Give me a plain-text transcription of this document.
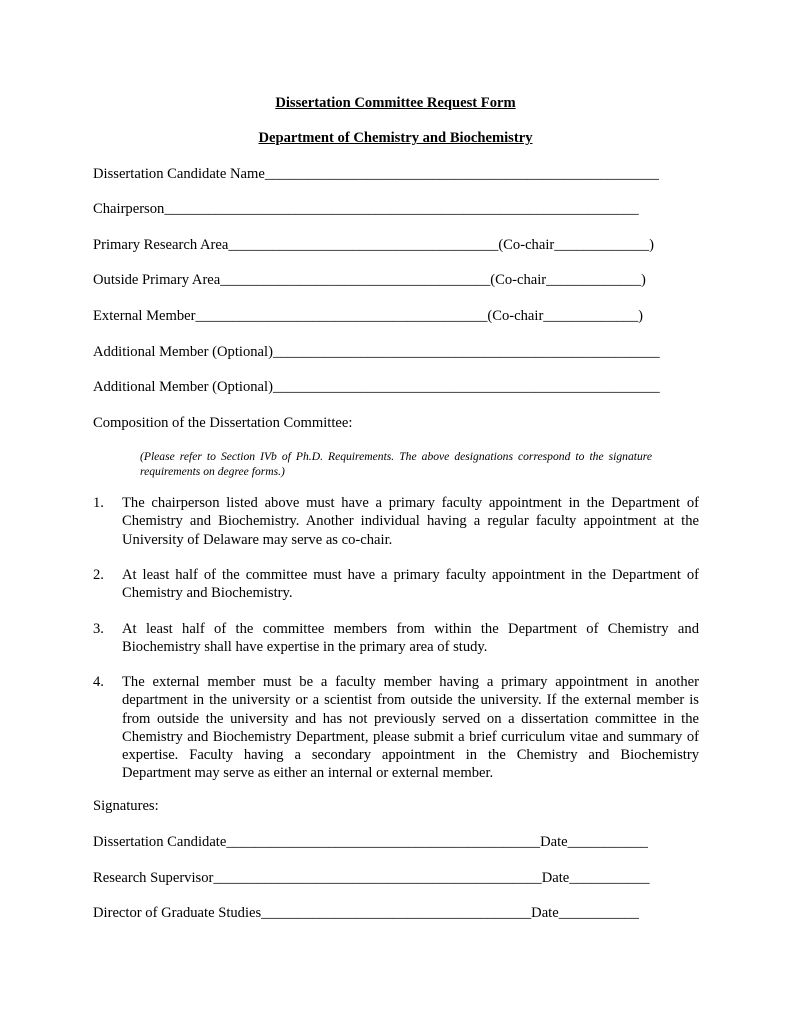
Dissertation Committee Request Form
Department of Chemistry and Biochemistry
Dissertation Candidate Name______________________________________________________
Chairperson_________________________________________________________________
Primary Research Area_____________________________________(Co-chair_____________)
Outside Primary Area_____________________________________(Co-chair_____________)
External Member________________________________________(Co-chair_____________)
Additional Member (Optional)_____________________________________________________
Additional Member (Optional)_____________________________________________________
Composition of the Dissertation Committee:
(Please refer to Section IVb of Ph.D. Requirements. The above designations correspond to the signature requirements on degree forms.)
1. The chairperson listed above must have a primary faculty appointment in the Department of Chemistry and Biochemistry. Another individual having a regular faculty appointment at the University of Delaware may serve as co-chair.
2. At least half of the committee must have a primary faculty appointment in the Department of Chemistry and Biochemistry.
3. At least half of the committee members from within the Department of Chemistry and Biochemistry shall have expertise in the primary area of study.
4. The external member must be a faculty member having a primary appointment in another department in the university or a scientist from outside the university. If the external member is from outside the university and has not previously served on a dissertation committee in the Chemistry and Biochemistry Department, please submit a brief curriculum vitae and summary of expertise. Faculty having a secondary appointment in the Chemistry and Biochemistry Department may serve as either an internal or external member.
Signatures:
Dissertation Candidate___________________________________________Date___________
Research Supervisor_____________________________________________Date___________
Director of Graduate Studies_____________________________________Date___________
